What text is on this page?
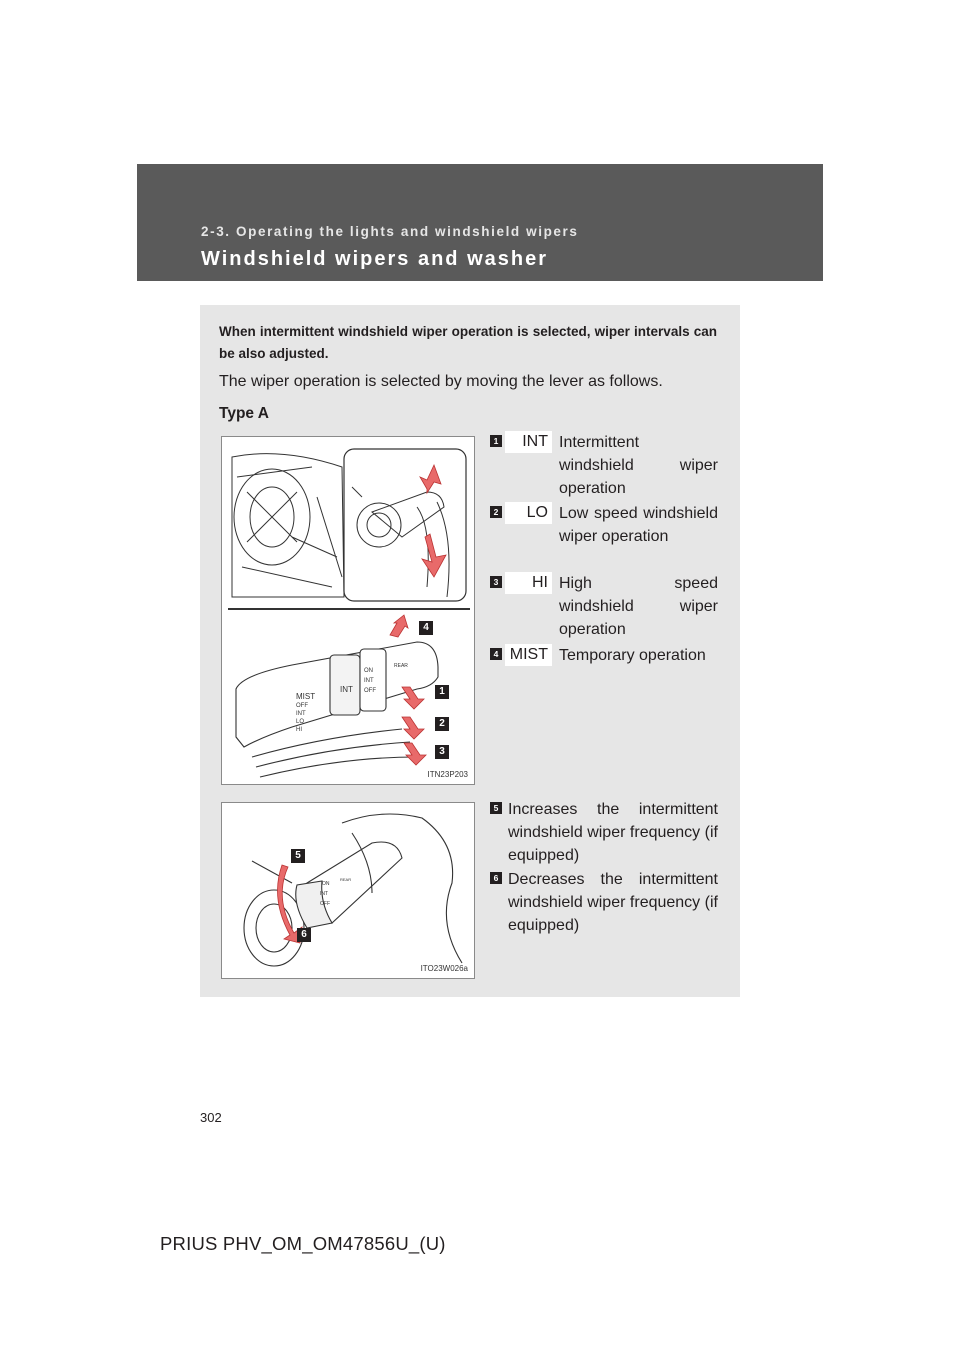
2-3. Operating the lights and windshield wipers
Windshield wipers and washer
When intermittent windshield wiper operation is selected, wiper intervals can be also adjusted.
The wiper operation is selected by moving the lever as follows.
Type A
MIST
INT
ON
INT
OFF
REAR
OFF
INT
LO
HI
4
1
2
3
ITN23P203
ON
INT
OFF
REAR
5
6
ITO23W026a
1	INT Intermittent windshield wiper operation
2	LO Low speed windshield wiper operation
3	HI High speed windshield wiper operation
4 MIST Temporary operation
5 Increases the intermittent windshield wiper frequency (if equipped)
6 Decreases the intermittent windshield wiper frequency (if equipped)
302
PRIUS PHV_OM_OM47856U_(U)
